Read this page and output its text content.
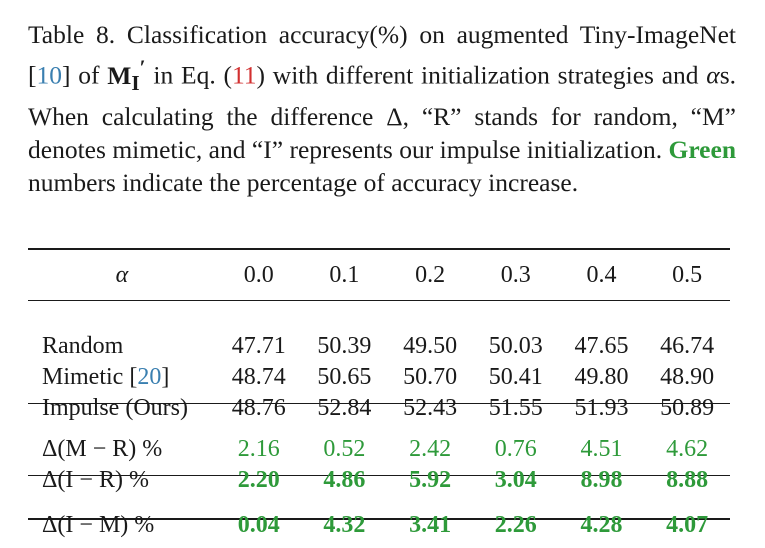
Table 8. Classification accuracy(%) on augmented Tiny-ImageNet [10] of $M_I'$ in Eq. (11) with different initialization strategies and αs. When calculating the difference Δ, “R” stands for random, “M” denotes mimetic, and “I” represents our impulse initialization. Green numbers indicate the percentage of accuracy increase.
α	0.0	0.1	0.2	0.3	0.4	0.5

Random	47.71	50.39	49.50	50.03	47.65	46.74
Mimetic [20]	48.74	50.65	50.70	50.41	49.80	48.90
Impulse (Ours)	48.76	52.84	52.43	51.55	51.93	50.89

Δ(M − R) %	2.16	0.52	2.42	0.76	4.51	4.62
Δ(I − R) %	2.20	4.86	5.92	3.04	8.98	8.88

Δ(I − M) %	0.04	4.32	3.41	2.26	4.28	4.07
